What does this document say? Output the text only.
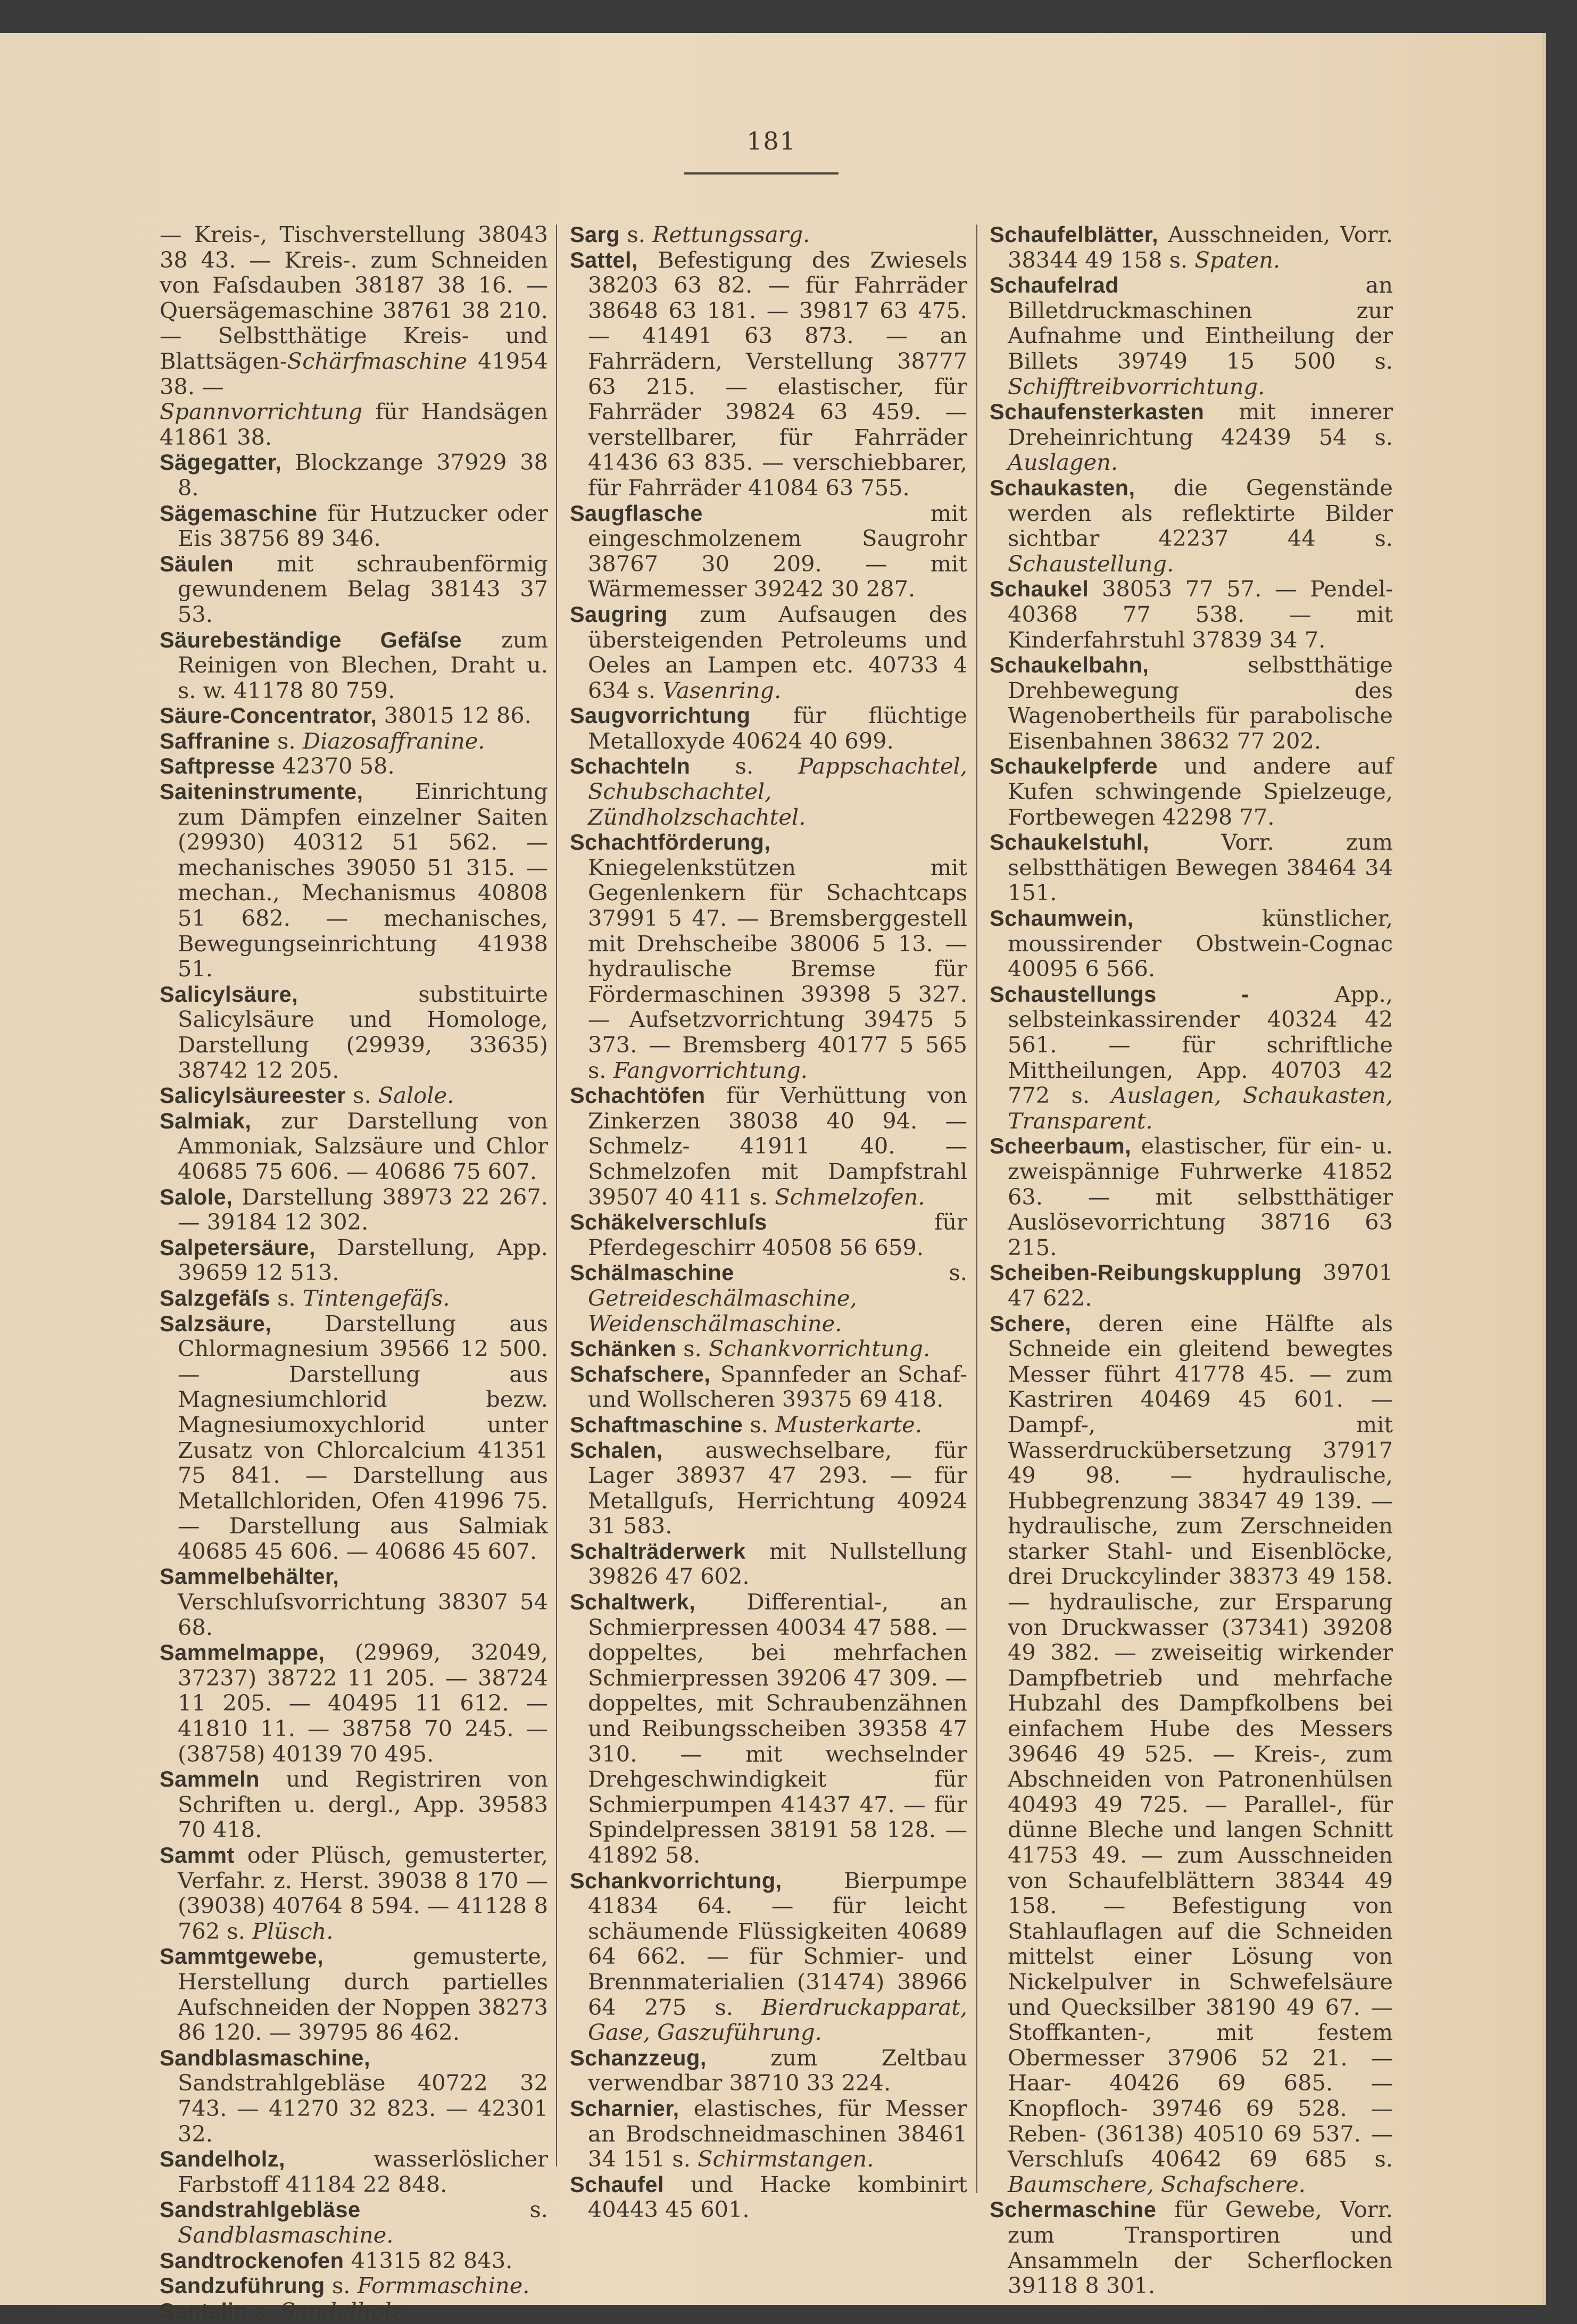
181

— Kreis-, Tischverstellung 38043 38 43. — Kreis-. zum Schneiden von Faſsdauben 38187 38 16. — Quersägemaschine 38761 38 210. — Selbstthätige Kreis- und Blattsägen-Schärfmaschine 41954 38. —

Spannvorrichtung für Handsägen 41861 38.

Sägegatter, Blockzange 37929 38 8.

Sägemaschine für Hutzucker oder Eis 38756 89 346.

Säulen mit schraubenförmig gewundenem Belag 38143 37 53.

Säurebeständige Gefäſse zum Reinigen von Blechen, Draht u. s. w. 41178 80 759.

Säure-Concentrator, 38015 12 86.

Saffranine s. Diazosaffranine.

Saftpresse 42370 58.

Saiteninstrumente, Einrichtung zum Dämpfen einzelner Saiten (29930) 40312 51 562. — mechanisches 39050 51 315. — mechan., Mechanismus 40808 51 682. — mechanisches, Bewegungseinrichtung 41938 51.

Salicylsäure, substituirte Salicylsäure und Homologe, Darstellung (29939, 33635) 38742 12 205.

Salicylsäureester s. Salole.

Salmiak, zur Darstellung von Ammoniak, Salzsäure und Chlor 40685 75 606. — 40686 75 607.

Salole, Darstellung 38973 22 267. — 39184 12 302.

Salpetersäure, Darstellung, App. 39659 12 513.

Salzgefäſs s. Tintengefäſs.

Salzsäure, Darstellung aus Chlormagnesium 39566 12 500. — Darstellung aus Magnesiumchlorid bezw. Magnesiumoxychlorid unter Zusatz von Chlorcalcium 41351 75 841. — Darstellung aus Metallchloriden, Ofen 41996 75. — Darstellung aus Salmiak 40685 45 606. — 40686 45 607.

Sammelbehälter, Verschluſsvorrichtung 38307 54 68.

Sammelmappe, (29969, 32049, 37237) 38722 11 205. — 38724 11 205. — 40495 11 612. — 41810 11. — 38758 70 245. — (38758) 40139 70 495.

Sammeln und Registriren von Schriften u. dergl., App. 39583 70 418.

Sammt oder Plüsch, gemusterter, Verfahr. z. Herst. 39038 8 170 — (39038) 40764 8 594. — 41128 8 762 s. Plüsch.

Sammtgewebe, gemusterte, Herstellung durch partielles Aufschneiden der Noppen 38273 86 120. — 39795 86 462.

Sandblasmaschine, Sandstrahlgebläse 40722 32 743. — 41270 32 823. — 42301 32.

Sandelholz, wasserlöslicher Farbstoff 41184 22 848.

Sandstrahlgebläse s. Sandblasmaschine.

Sandtrockenofen 41315 82 843.

Sandzuführung s. Formmaschine.

Santalin s. Sandelholz.

Sarg s. Rettungssarg.

Sattel, Befestigung des Zwiesels 38203 63 82. — für Fahrräder 38648 63 181. — 39817 63 475. — 41491 63 873. — an Fahrrädern, Verstellung 38777 63 215. — elastischer, für Fahrräder 39824 63 459. — verstellbarer, für Fahrräder 41436 63 835. — verschiebbarer, für Fahrräder 41084 63 755.

Saugflasche mit eingeschmolzenem Saugrohr 38767 30 209. — mit Wärmemesser 39242 30 287.

Saugring zum Aufsaugen des übersteigenden Petroleums und Oeles an Lampen etc. 40733 4 634 s. Vasenring.

Saugvorrichtung für flüchtige Metalloxyde 40624 40 699.

Schachteln s. Pappschachtel, Schubschachtel, Zündholzschachtel.

Schachtförderung, Kniegelenkstützen mit Gegenlenkern für Schachtcaps 37991 5 47. — Bremsberggestell mit Drehscheibe 38006 5 13. — hydraulische Bremse für Fördermaschinen 39398 5 327. — Aufsetzvorrichtung 39475 5 373. — Bremsberg 40177 5 565 s. Fangvorrichtung.

Schachtöfen für Verhüttung von Zinkerzen 38038 40 94. — Schmelz- 41911 40. — Schmelzofen mit Dampfstrahl 39507 40 411 s. Schmelzofen.

Schäkelverschluſs für Pferdegeschirr 40508 56 659.

Schälmaschine s. Getreideschälmaschine, Weidenschälmaschine.

Schänken s. Schankvorrichtung.

Schafschere, Spannfeder an Schaf- und Wollscheren 39375 69 418.

Schaftmaschine s. Musterkarte.

Schalen, auswechselbare, für Lager 38937 47 293. — für Metallguſs, Herrichtung 40924 31 583.

Schalträderwerk mit Nullstellung 39826 47 602.

Schaltwerk, Differential-, an Schmierpressen 40034 47 588. — doppeltes, bei mehrfachen Schmierpressen 39206 47 309. — doppeltes, mit Schraubenzähnen und Reibungsscheiben 39358 47 310. — mit wechselnder Drehgeschwindigkeit für Schmierpumpen 41437 47. — für Spindelpressen 38191 58 128. — 41892 58.

Schankvorrichtung, Bierpumpe 41834 64. — für leicht schäumende Flüssigkeiten 40689 64 662. — für Schmier- und Brennmaterialien (31474) 38966 64 275 s. Bierdruckapparat, Gase, Gaszuführung.

Schanzzeug, zum Zeltbau verwendbar 38710 33 224.

Scharnier, elastisches, für Messer an Brodschneidmaschinen 38461 34 151 s. Schirmstangen.

Schaufel und Hacke kombinirt 40443 45 601.

Schaufelblätter, Ausschneiden, Vorr. 38344 49 158 s. Spaten.

Schaufelrad an Billetdruckmaschinen zur Aufnahme und Eintheilung der Billets 39749 15 500 s. Schifftreibvorrichtung.

Schaufensterkasten mit innerer Dreheinrichtung 42439 54 s. Auslagen.

Schaukasten, die Gegenstände werden als reflektirte Bilder sichtbar 42237 44 s. Schaustellung.

Schaukel 38053 77 57. — Pendel- 40368 77 538. — mit Kinderfahrstuhl 37839 34 7.

Schaukelbahn, selbstthätige Drehbewegung des Wagenobertheils für parabolische Eisenbahnen 38632 77 202.

Schaukelpferde und andere auf Kufen schwingende Spielzeuge, Fortbewegen 42298 77.

Schaukelstuhl, Vorr. zum selbstthätigen Bewegen 38464 34 151.

Schaumwein, künstlicher, moussirender Obstwein-Cognac 40095 6 566.

Schaustellungs - App., selbsteinkassirender 40324 42 561. — für schriftliche Mittheilungen, App. 40703 42 772 s. Auslagen, Schaukasten, Transparent.

Scheerbaum, elastischer, für ein- u. zweispännige Fuhrwerke 41852 63. — mit selbstthätiger Auslösevorrichtung 38716 63 215.

Scheiben-Reibungskupplung 39701 47 622.

Schere, deren eine Hälfte als Schneide ein gleitend bewegtes Messer führt 41778 45. — zum Kastriren 40469 45 601. — Dampf-, mit Wasserdruckübersetzung 37917 49 98. — hydraulische, Hubbegrenzung 38347 49 139. — hydraulische, zum Zerschneiden starker Stahl- und Eisenblöcke, drei Druckcylinder 38373 49 158. — hydraulische, zur Ersparung von Druckwasser (37341) 39208 49 382. — zweiseitig wirkender Dampfbetrieb und mehrfache Hubzahl des Dampfkolbens bei einfachem Hube des Messers 39646 49 525. — Kreis-, zum Abschneiden von Patronenhülsen 40493 49 725. — Parallel-, für dünne Bleche und langen Schnitt 41753 49. — zum Ausschneiden von Schaufelblättern 38344 49 158. — Befestigung von Stahlauflagen auf die Schneiden mittelst einer Lösung von Nickelpulver in Schwefelsäure und Quecksilber 38190 49 67. — Stoffkanten-, mit festem Obermesser 37906 52 21. — Haar- 40426 69 685. — Knopfloch- 39746 69 528. — Reben- (36138) 40510 69 537. — Verschluſs 40642 69 685 s. Baumschere, Schafschere.

Schermaschine für Gewebe, Vorr. zum Transportiren und Ansammeln der Scherflocken 39118 8 301.
